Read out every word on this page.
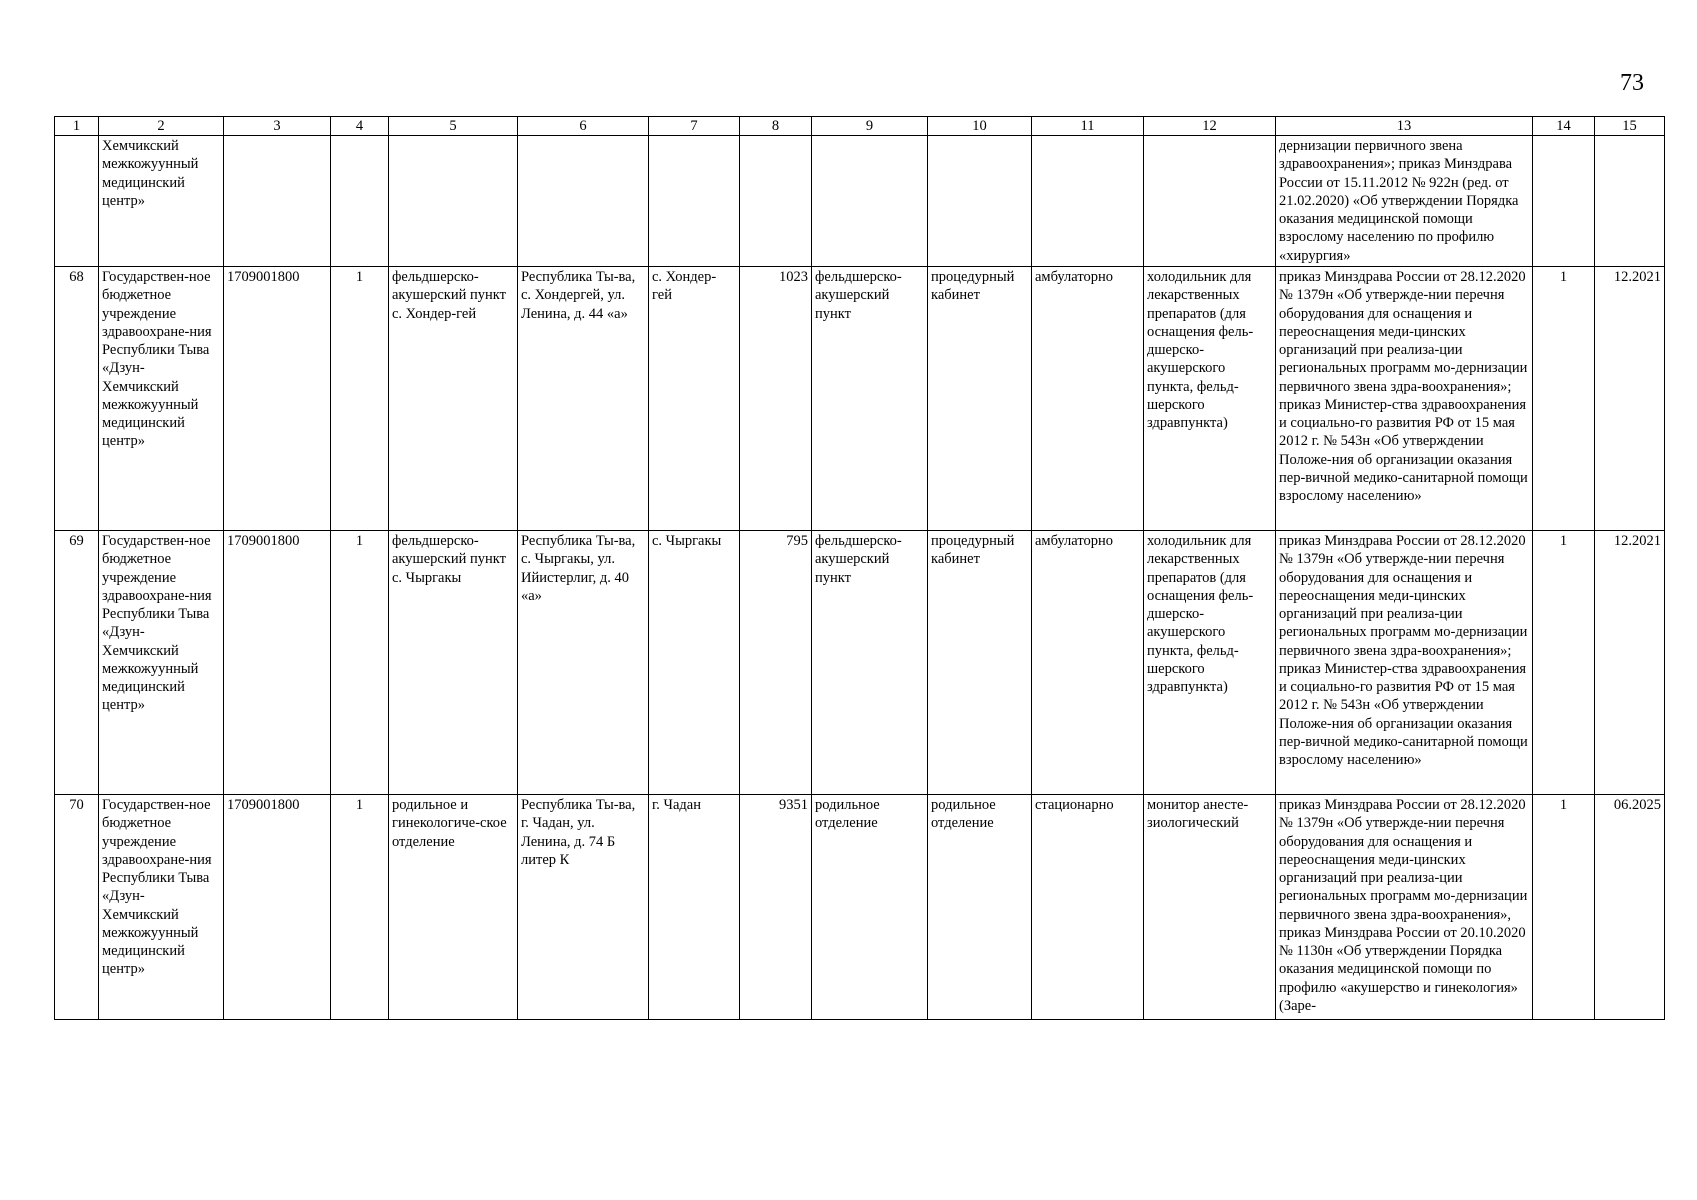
73
1	2	3	4	5	6	7	8	9	10	11	12	13	14	15
	Хемчикский межкожуунный медицинский центр»											дернизации первичного звена здравоохранения»; приказ Минздрава России от 15.11.2012 № 922н (ред. от 21.02.2020) «Об утверждении Порядка оказания медицинской помощи взрослому населению по профилю «хирургия»		
68	Государствен-ное бюджетное учреждение здравоохране-ния Республики Тыва «Дзун-Хемчикский межкожуунный медицинский центр»	1709001800	1	фельдшерско-акушерский пункт с. Хондер-гей	Республика Ты-ва, с. Хондергей, ул. Ленина, д. 44 «а»	с. Хондер-гей	1023	фельдшерско-акушерский пункт	процедурный кабинет	амбулаторно	холодильник для лекарственных препаратов (для оснащения фель-дшерско-акушерского пункта, фельд-шерского здравпункта)	приказ Минздрава России от 28.12.2020 № 1379н «Об утвержде-нии перечня оборудования для оснащения и переоснащения меди-цинских организаций при реализа-ции региональных программ мо-дернизации первичного звена здра-воохранения»; приказ Министер-ства здравоохранения и социально-го развития РФ от 15 мая 2012 г. № 543н «Об утверждении Положе-ния об организации оказания пер-вичной медико-санитарной помощи взрослому населению»	1	12.2021
69	Государствен-ное бюджетное учреждение здравоохране-ния Республики Тыва «Дзун-Хемчикский межкожуунный медицинский центр»	1709001800	1	фельдшерско-акушерский пункт с. Чыргакы	Республика Ты-ва, с. Чыргакы, ул. Ийистерлиг, д. 40 «а»	с. Чыргакы	795	фельдшерско-акушерский пункт	процедурный кабинет	амбулаторно	холодильник для лекарственных препаратов (для оснащения фель-дшерско-акушерского пункта, фельд-шерского здравпункта)	приказ Минздрава России от 28.12.2020 № 1379н «Об утвержде-нии перечня оборудования для оснащения и переоснащения меди-цинских организаций при реализа-ции региональных программ мо-дернизации первичного звена здра-воохранения»; приказ Министер-ства здравоохранения и социально-го развития РФ от 15 мая 2012 г. № 543н «Об утверждении Положе-ния об организации оказания пер-вичной медико-санитарной помощи взрослому населению»	1	12.2021
70	Государствен-ное бюджетное учреждение здравоохране-ния Республики Тыва «Дзун-Хемчикский межкожуунный медицинский центр»	1709001800	1	родильное и гинекологиче-ское отделение	Республика Ты-ва, г. Чадан, ул. Ленина, д. 74 Б литер К	г. Чадан	9351	родильное отделение	родильное отделение	стационарно	монитор анесте-зиологический	приказ Минздрава России от 28.12.2020 № 1379н «Об утвержде-нии перечня оборудования для оснащения и переоснащения меди-цинских организаций при реализа-ции региональных программ мо-дернизации первичного звена здра-воохранения», приказ Минздрава России от 20.10.2020 № 1130н «Об утверждении Порядка оказания медицинской помощи по профилю «акушерство и гинекология» (Заре-	1	06.2025
